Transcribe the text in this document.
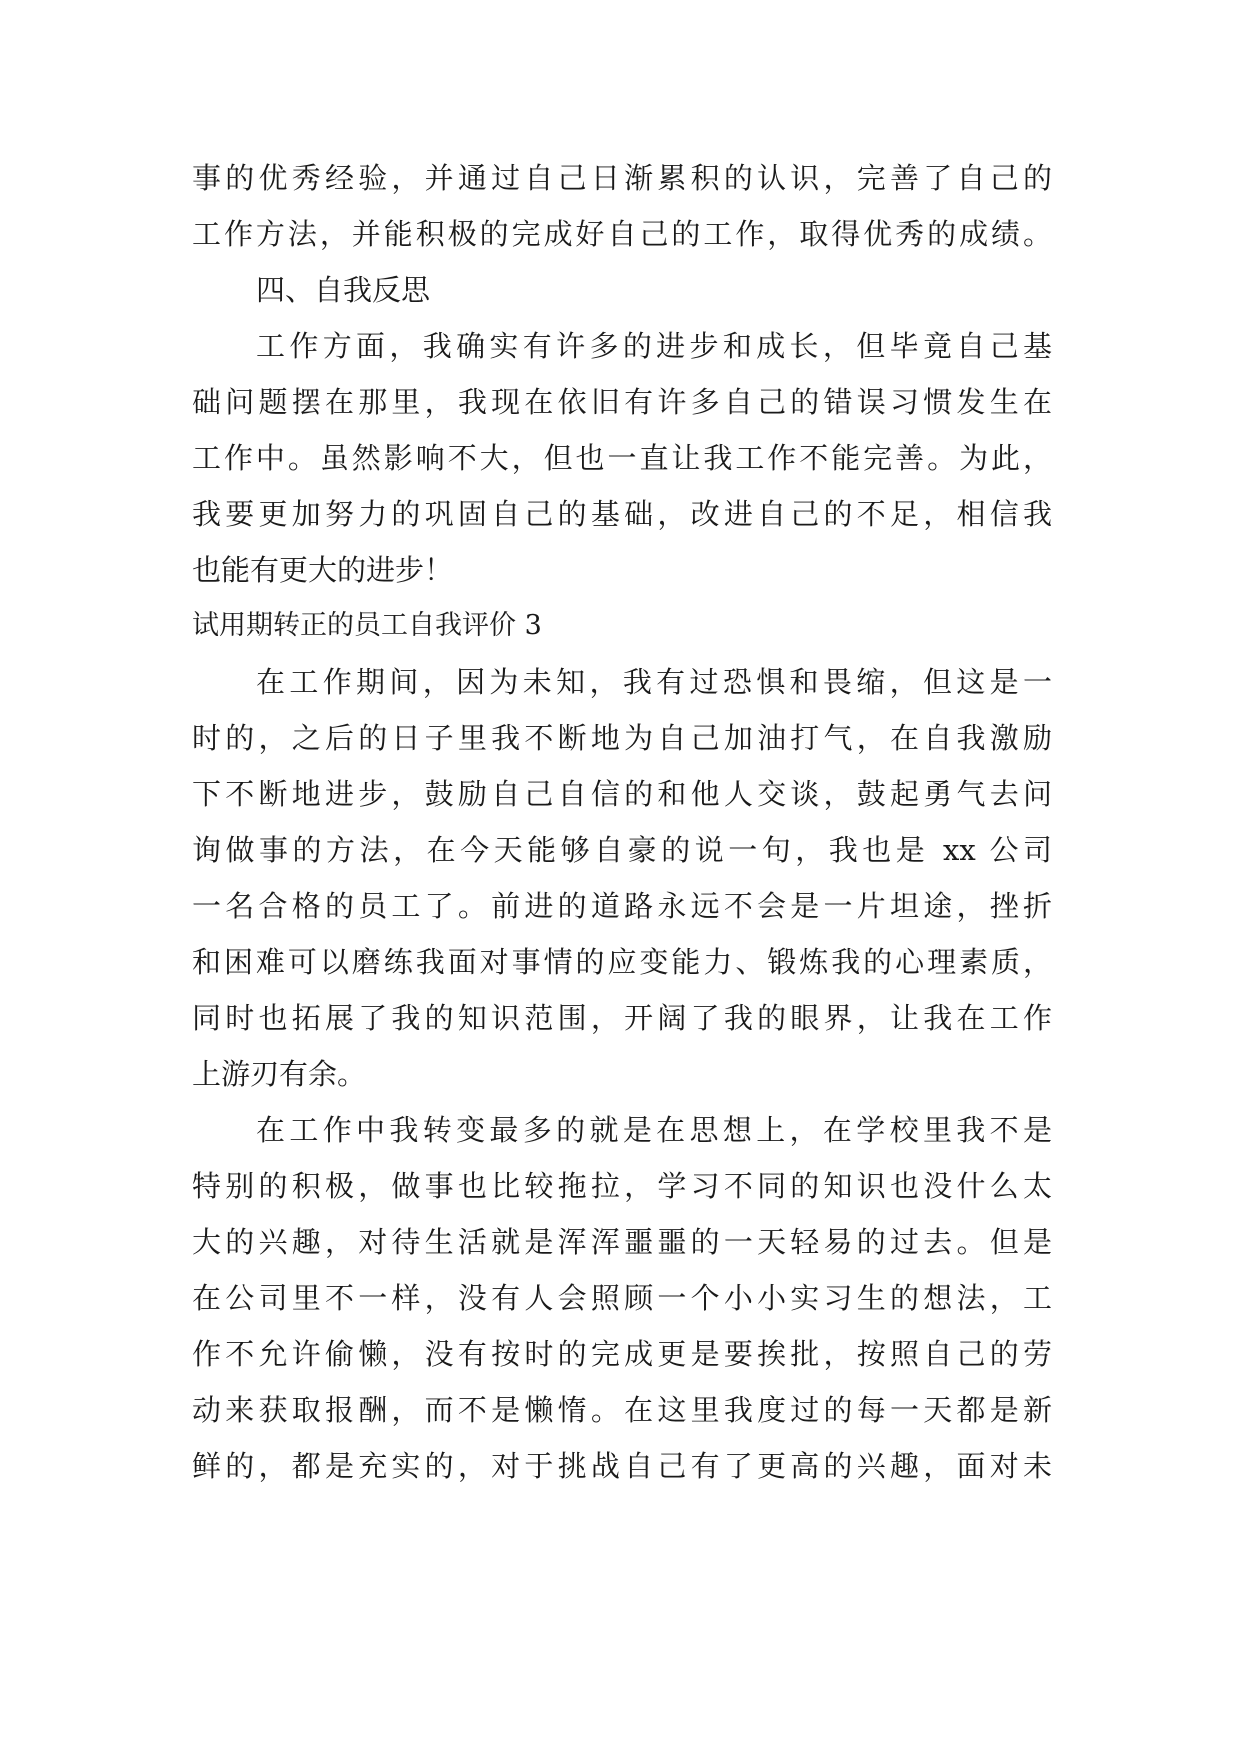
事的优秀经验，并通过自己日渐累积的认识，完善了自己的
工作方法，并能积极的完成好自己的工作，取得优秀的成绩。
四、自我反思
工作方面，我确实有许多的进步和成长，但毕竟自己基
础问题摆在那里，我现在依旧有许多自己的错误习惯发生在
工作中。虽然影响不大，但也一直让我工作不能完善。为此，
我要更加努力的巩固自己的基础，改进自己的不足，相信我
也能有更大的进步！
试用期转正的员工自我评价 3
在工作期间，因为未知，我有过恐惧和畏缩，但这是一
时的，之后的日子里我不断地为自己加油打气，在自我激励
下不断地进步，鼓励自己自信的和他人交谈，鼓起勇气去问
询做事的方法，在今天能够自豪的说一句，我也是 xx 公司
一名合格的员工了。前进的道路永远不会是一片坦途，挫折
和困难可以磨练我面对事情的应变能力、锻炼我的心理素质，
同时也拓展了我的知识范围，开阔了我的眼界，让我在工作
上游刃有余。
在工作中我转变最多的就是在思想上，在学校里我不是
特别的积极，做事也比较拖拉，学习不同的知识也没什么太
大的兴趣，对待生活就是浑浑噩噩的一天轻易的过去。但是
在公司里不一样，没有人会照顾一个小小实习生的想法，工
作不允许偷懒，没有按时的完成更是要挨批，按照自己的劳
动来获取报酬，而不是懒惰。在这里我度过的每一天都是新
鲜的，都是充实的，对于挑战自己有了更高的兴趣，面对未
